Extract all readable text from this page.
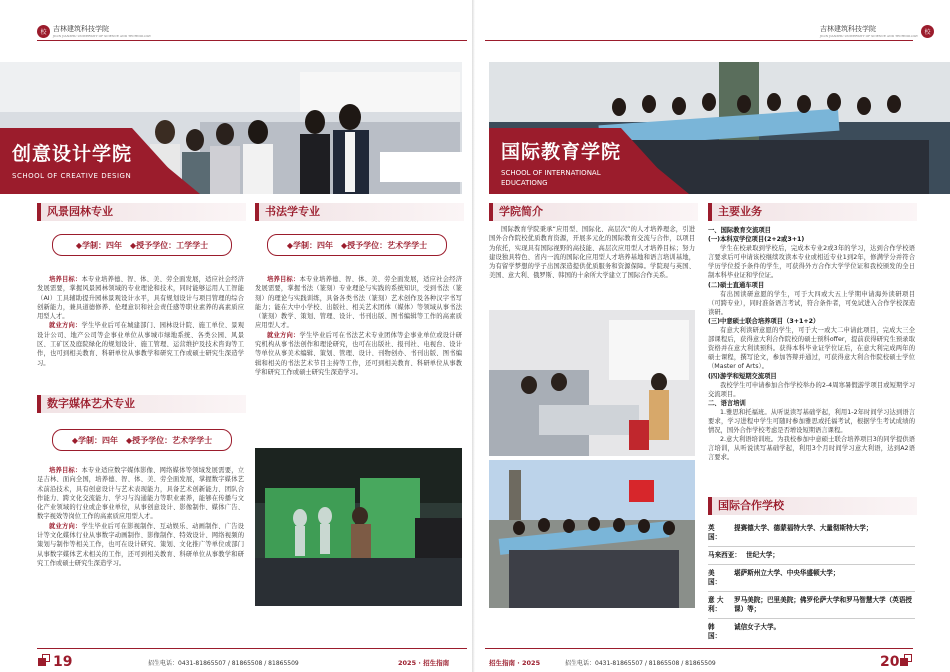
校 吉林建筑科技学院
JILIN JIANZHU UNIVERSITY OF SCIENCE AND TECHNOLOGY
创意设计学院
SCHOOL OF CREATIVE DESIGN
风景园林专业
◆学制：四年 ◆授予学位：工学学士

培养目标：本专业培养德、智、体、美、劳全面发展，适应社会经济发展需要，掌握风景园林领域的专业理论和技术，同时能够运用人工智能（AI）工具辅助提升园林景观设计水平，具有规划设计与项目管理的综合创新能力，兼具道德修养、伦理意识和社会责任感等职业素养的高素质应用型人才。

就业方向：学生毕业后可在城建部门、园林设计院、施工单位、景观设计公司、地产公司等企事业单位从事城市绿地系统、各类公园、风景区、工矿区及庭院绿化的规划设计、施工管理、运营维护及技术咨询等工作，也可到相关教育、科研单位从事教学和研究工作或硕士研究生深造学习。

书法学专业
◆学制：四年 ◆授予学位：艺术学学士

培养目标：本专业培养德、智、体、美、劳全面发展，适应社会经济发展需要，掌握书法（篆刻）专业理论与实践的系统知识，受到书法（篆刻）的理论与实践训练，具备各类书法（篆刻）艺术创作及各种汉字书写能力；能在大中小学校、出版社、相关艺术团体（媒体）等领域从事书法（篆刻）教学、策划、管理、设计、书刊出版、图书编辑等工作的高素质应用型人才。

就业方向：学生毕业后可在书法艺术专业团体等企事业单位或设计研究机构从事书法创作和理论研究，也可在出版社、报刊社、电视台、设计等单位从事美术编辑、策划、管理、设计、刊物创办、书刊出版、图书编辑和相关的书法艺术节目主持等工作，还可到相关教育、科研单位从事教学和研究工作或硕士研究生深造学习。

数字媒体艺术专业
◆学制：四年 ◆授予学位：艺术学学士

培养目标：本专业适应数字媒体影像、网络媒体等领域发展需要，立足吉林、面向全国，培养德、智、体、美、劳全面发展，掌握数字媒体艺术前沿技术，具有创意设计与艺术表现能力，具备艺术创新能力、团队合作能力、跨文化交流能力、学习与沟通能力等职业素养，能够在传播与文化产业领域的行业或企事业单位，从事创意设计、影像制作、媒体广告、数字视效等岗位工作的高素质应用型人才。

就业方向：学生毕业后可在影视制作、互动娱乐、动画制作、广告设计等文化媒体行业从事数字动画制作、影像制作、特效设计、网络视频的策划与制作等相关工作，也可在设计研究、策划、文化推广等单位或部门从事数字媒体艺术相关的工作，还可到相关教育、科研单位从事教学和研究工作或硕士研究生深造学习。

19	招生电话：0431-81865507 / 81865508 / 81865509	2025 · 招生指南
吉林建筑科技学院
JILIN JIANZHU UNIVERSITY OF SCIENCE AND TECHNOLOGY
校
国际教育学院
SCHOOL OF INTERNATIONAL EDUCATIONG
学院简介

国际教育学院秉承“应用型、国际化、高层次”的人才培养理念，引进国外合作院校优质教育资源，开展多元化的国际教育交流与合作，以项目为依托，实现具有国际视野的高技能、高层次应用型人才培养目标；努力建设独具特色、省内一流的国际化应用型人才培养基地和语言培训基地，为有留学梦想的学子出国深造提供优质服务和资源保障。学院现与英国、美国、意大利、俄罗斯、韩国的十余所大学建立了国际合作关系。

主要业务

一、国际教育交流项目

(一)本科双学位项目(2+2或3+1)

学生在校录取到学校后，完成本专业2或3年的学习，达到合作学校语言要求后可申请该校继续攻读本专业或相近专业1到2年，修满学分并符合学历学位授予条件的学生，可获得外方合作大学学位证和我校颁发的全日制本科毕业证和学位证。

(二)硕士直通车项目

有出国读研意愿的学生，可于大四或大五上学期申请海外读研项目（可跨专业），同时准备语言考试，符合条件者，可免试进入合作学校深造读研。

(三)中意硕士联合培养项目（3+1+2）

有意大利读研意愿的学生，可于大一或大二申请此项目，完成大三全部课程后，获得意大利合作院校的硕士预科offer，提前获得研究生预录取资格并在意大利读预科。获得本科毕业证学位证后，在意大利完成两年的硕士课程，撰写论文，参加答辩并通过，可获得意大利合作院校硕士学位（Master of Arts）。

(四)游学和短期交流项目

我校学生可申请参加合作学校举办的2-4周寒暑假游学项目或短期学习交流项目。

二、语言培训

1.雅思和托福班。从听说读写基础学起，利用1-2年时间学习达到语言要求，学习进程中学生可随时参加雅思或托福考试，根据学生考试成绩的情况，国外合作学校考虑是否增设短期语言课程。

2.意大利语培训班。为我校参加中意硕士联合培养项目3的同学提供语言培训，从听说读写基础学起，利用3个月时间学习意大利语，达到A2语言要求。

国际合作学校
英　国：
提赛德大学、德蒙福特大学、大量彻斯特大学；
马来西亚： 世纪大学；
美　国：
堪萨斯州立大学、中央华盛顿大学；
意 大 利：
罗马美院；巴里美院；佛罗伦萨大学和罗马智慧大学（英语授课）等；
韩　国：
诚信女子大学。
招生指南 · 2025	招生电话：0431-81865507 / 81865508 / 81865509	20
